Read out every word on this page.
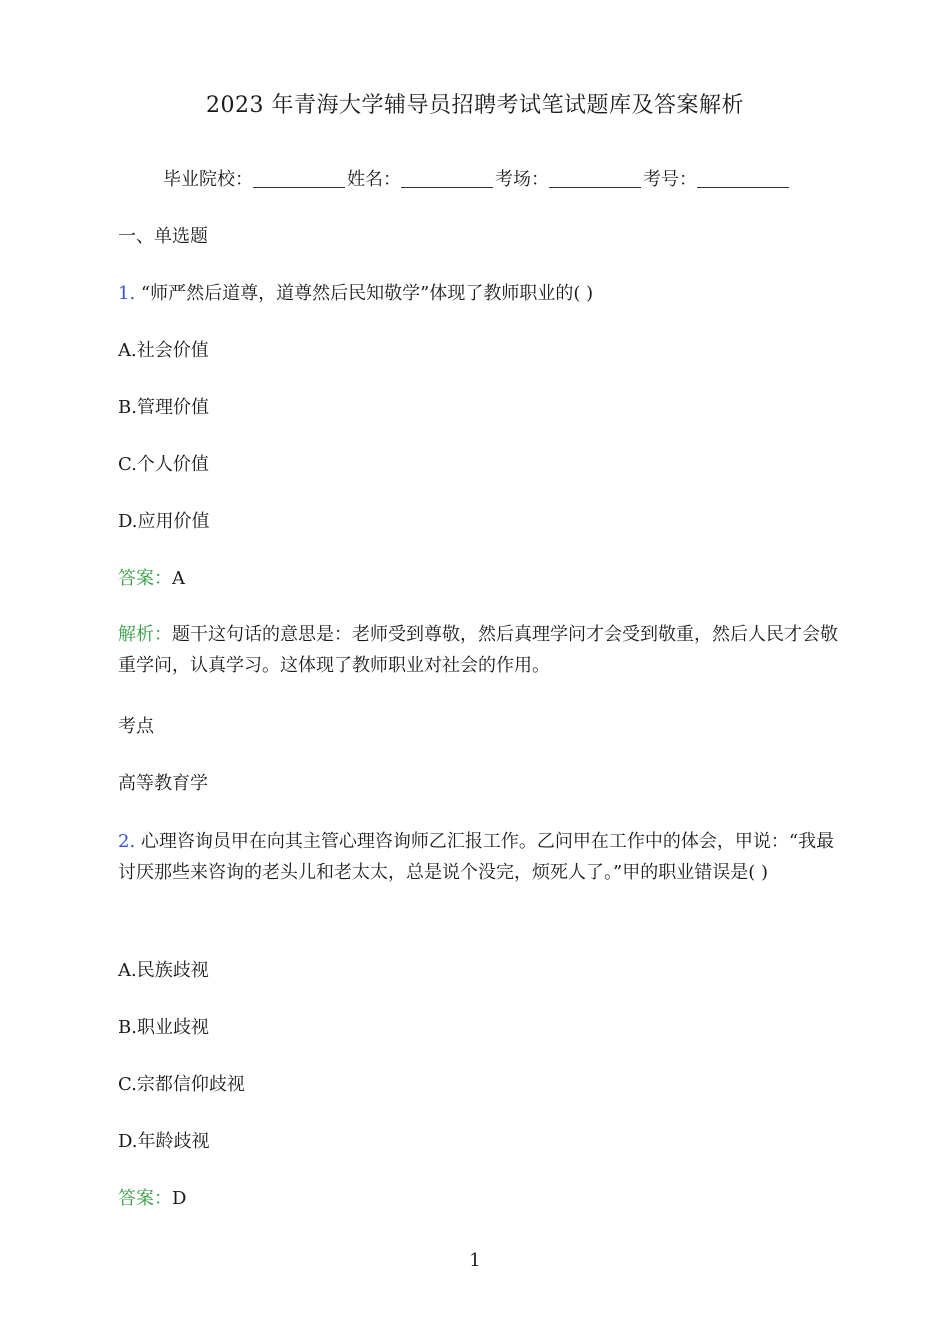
2023 年青海大学辅导员招聘考试笔试题库及答案解析
毕业院校：	姓名：	考场：	考号：
一、单选题
1. “师严然后道尊，道尊然后民知敬学”体现了教师职业的( )
A.社会价值
B.管理价值
C.个人价值
D.应用价值
答案：A
解析：题干这句话的意思是：老师受到尊敬，然后真理学问才会受到敬重，然后人民才会敬重学问，认真学习。这体现了教师职业对社会的作用。
考点
高等教育学
2. 心理咨询员甲在向其主管心理咨询师乙汇报工作。乙问甲在工作中的体会，甲说：“我最讨厌那些来咨询的老头儿和老太太，总是说个没完，烦死人了。”甲的职业错误是( )
A.民族歧视
B.职业歧视
C.宗都信仰歧视
D.年龄歧视
答案：D
1
